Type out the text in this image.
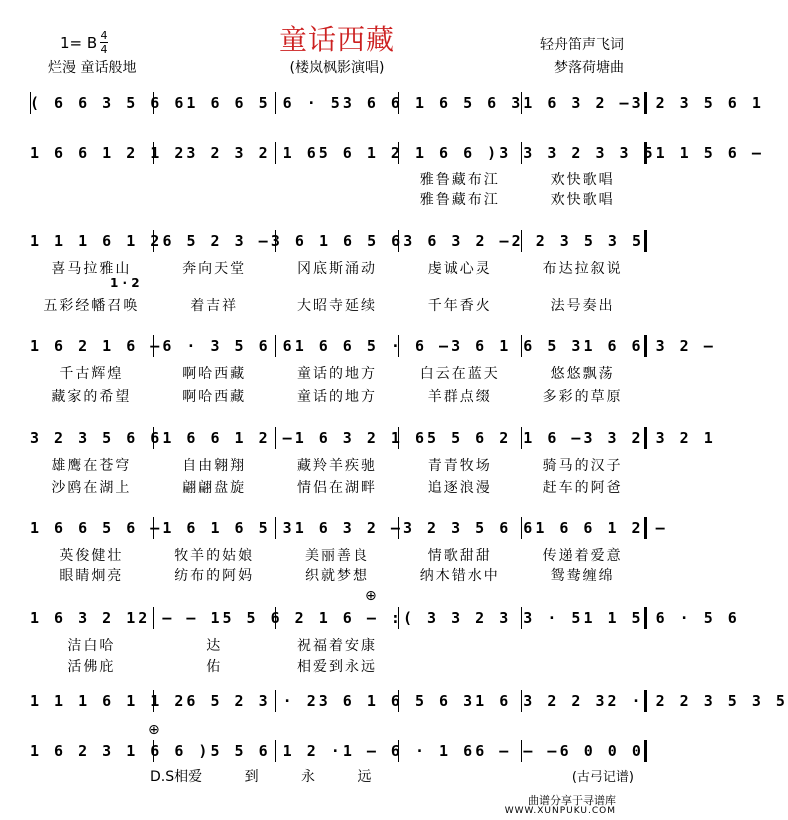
1= B 4
4
烂漫 童话般地
童话西藏
(楼岚枫影演唱)
轻舟笛声飞词
梦落荷塘曲
( 6 6 3 5 6 6 1 6 6 5 6 · 5 3 6 6 1 6 5 6 3 1 6 3 2 – 3 2 3 5 6 1
1 6 6 1 2 1 2 3 2 3 2 1 6 5 6 1 2 1 6 6 ) 3 3 3 2 3 3 5 1 1 5 6 –
雅鲁藏布江	欢快歌唱
雅鲁藏布江	欢快歌唱
1 1 1 6 1 2 6 5 2 3 – 3 6 1 6 5 6 3 6 3 2 – 2 2 3 5 3 5
喜马拉雅山	奔向天堂	冈底斯涌动	虔诚心灵	布达拉叙说
1 · 2
五彩经幡召唤	着吉祥	大昭寺延续	千年香火	法号奏出
1 6 2 1 6 – 6 · 3 5 6 6 1 6 6 5 · 6 – 3 6 1 6 5 3 1 6 6 3 2 –
千古辉煌	啊哈西藏	童话的地方	白云在蓝天	悠悠飘荡
藏家的希望	啊哈西藏	童话的地方	羊群点缀	多彩的草原
3 2 3 5 6 6 1 6 6 1 2 – 1 6 3 2 1 6 5 5 6 2 1 6 – 3 3 2 3 2 1
雄鹰在苍穹	自由翱翔	藏羚羊疾驰	青青牧场	骑马的汉子
沙鸥在湖上	翩翩盘旋	情侣在湖畔	追逐浪漫	赶车的阿爸
1 6 6 5 6 – 1 6 1 6 5 3 1 6 3 2 – 3 2 3 5 6 6 1 6 6 1 2 –
英俊健壮	牧羊的姑娘	美丽善良	情歌甜甜	传递着爱意
眼睛炯亮	纺布的阿妈	织就梦想	纳木错水中	鸳鸯缠绵
⊕
1 6 3 2 1 2 – – 1 5 5 6 2 1 6 – : ( 3 3 2 3 3 · 5 1 1 5 6 · 5 6
洁白哈	达	祝福着安康
活佛庇	佑	相爱到永远
1 1 1 6 1 1 2 6 5 2 3 · 2 3 6 1 6 5 6 3 1 6 3 2 2 3 2 · 2 2 3 5 3 5
⊕
1 6 2 3 1 6 6 ) 5 5 6 1 2 · 1 – 6 · 1 6 6 – – – 6 0 0 0
D.S相爱	到	永	远	(古弓记谱)
曲谱分享于寻谱库
WWW.XUNPUKU.COM
